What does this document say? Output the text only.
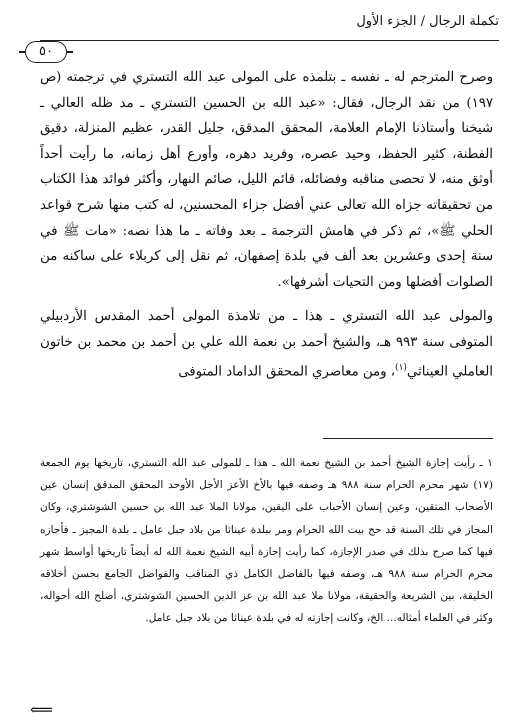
تكملة الرجال / الجزء الأول
٥٠

وصرح المترجم له ـ نفسه ـ بتلمذه على المولى عبد الله التستري في ترجمته (ص ١٩٧) من نقد الرجال، فقال: «عبد الله بن الحسين التستري ـ مد ظله العالي ـ شيخنا وأستاذنا الإمام العلامة، المحقق المدقق، جليل القدر، عظيم المنزلة، دقيق الفطنة، كثير الحفظ، وحيد عصره، وفريد دهره، وأورع أهل زمانه، ما رأيت أحداً أوثق منه، لا تحصى مناقبه وفضائله، قائم الليل، صائم النهار، وأكثر فوائد هذا الكتاب من تحقيقاته جزاه الله تعالى عني أفضل جزاء المحسنين، له كتب منها شرح قواعد الحلي ﷺ»، ثم ذكر في هامش الترجمة ـ بعد وفاته ـ ما هذا نصه: «مات ﷺ في سنة إحدى وعشرين بعد ألف في بلدة إصفهان، ثم نقل إلى كربلاء على ساكنه من الصلوات أفضلها ومن التحيات أشرفها».

والمولى عبد الله التستري ـ هذا ـ من تلامذة المولى أحمد المقدس الأردبيلي المتوفى سنة ٩٩٣ هـ، والشيخ أحمد بن نعمة الله علي بن أحمد بن محمد بن خاتون العاملي العيناثي$^{(١)}$، ومن معاصري المحقق الداماد المتوفى

١ ـ رأيت إجازة الشيخ أحمد بن الشيخ نعمة الله ـ هذا ـ للمولى عبد الله التستري، تاريخها يوم الجمعة (١٧) شهر محرم الحرام سنة ٩٨٨ هـ وصفه فيها بالأخ الأعز الأجل الأوحد المحقق المدقق إنسان عين الأصحاب المتقين، وعين إنسان الأحباب على اليقين، مولانا الملا عبد الله بن حسين الشوشتري، وكان المجاز في تلك السنة قد حج بيت الله الحرام ومر ببلدة عيناثا من بلاد جبل عامل ـ بلدة المجيز ـ فأجازه فيها كما صرح بذلك في صدر الإجازة، كما رأيت إجازة أبيه الشيخ نعمة الله له أيضاً تاريخها أواسط شهر محرم الحرام سنة ٩٨٨ هـ، وصفه فيها بالفاضل الكامل ذي المناقب والفواضل الجامع بحسن أخلاقه الخليقة، بين الشريعة والحقيقة، مولانا ملا عبد الله بن عز الدين الحسين الشوشتري، أصلح الله أحواله، وكثر في العلماء أمثاله... الخ، وكانت إجازته له في بلدة عيناثا من بلاد جبل عامل.

⟸
